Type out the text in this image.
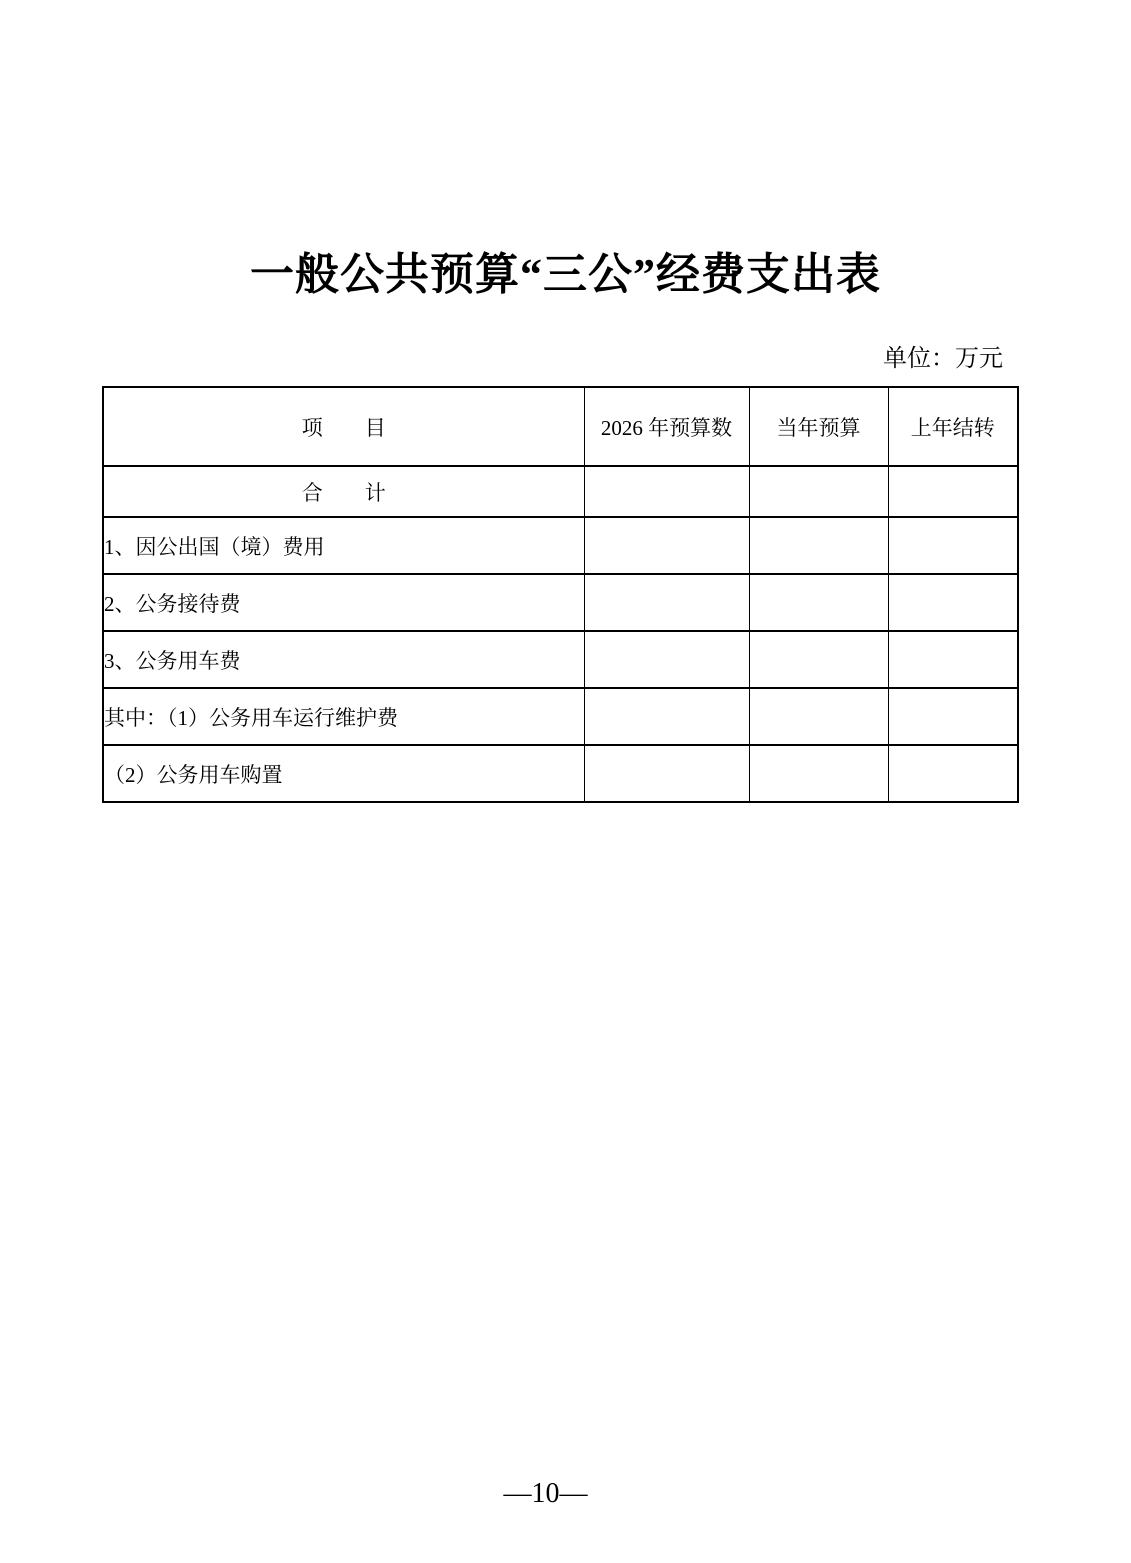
一般公共预算“三公”经费支出表
单位：万元
项　　目	2026 年预算数	当年预算	上年结转
合　　计			
1、因公出国（境）费用			
2、公务接待费			
3、公务用车费			
其中：（1）公务用车运行维护费			
（2）公务用车购置			
—10—
